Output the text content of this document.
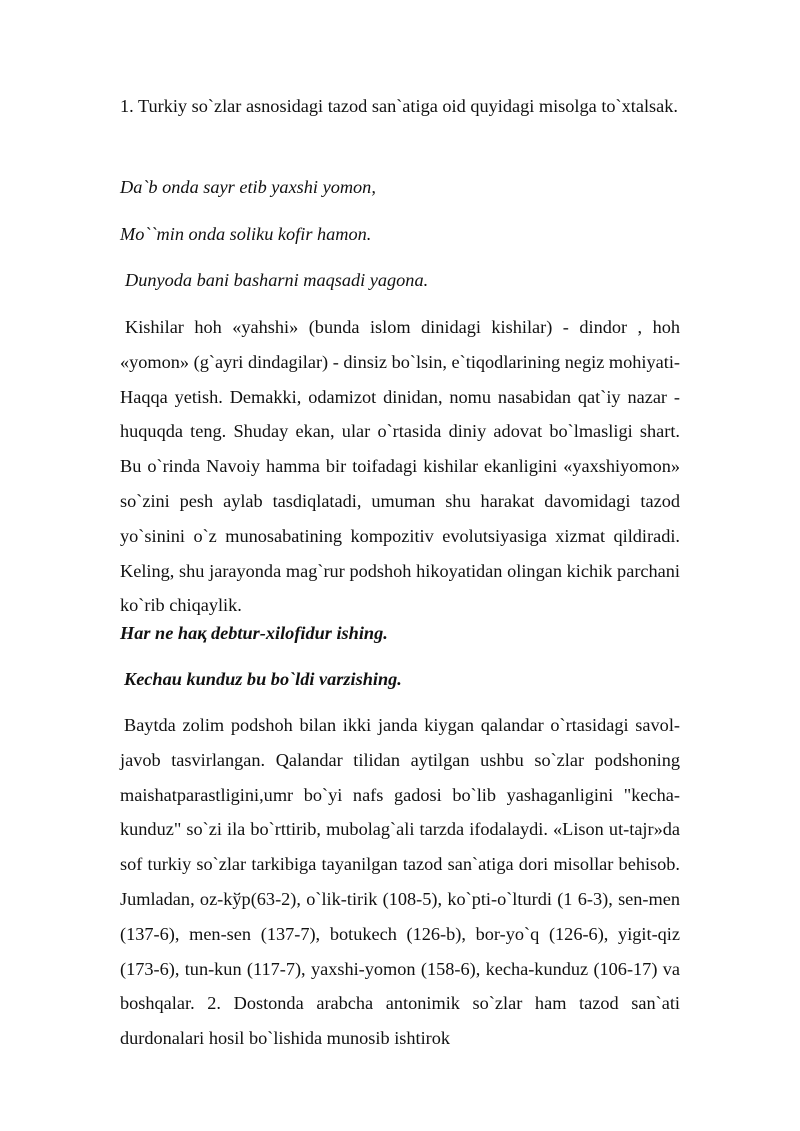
1. Turkiy so`zlar asnosidagi tazod san`atiga oid quyidagi misolga to`xtalsak.

Da`b onda sayr etib yaxshi yomon,

Mo``min onda soliku kofir hamon.

Dunyoda bani basharni maqsadi yagona.

Kishilar hoh «yahshi» (bunda islom dinidagi kishilar) - dindor , hoh «yomon» (g`ayri dindagilar) - dinsiz bo`lsin, e`tiqodlarining negiz mohiyati- Haqqa yetish. Demakki, odamizot dinidan, nomu nasabidan qat`iy nazar - huquqda teng. Shuday ekan, ular o`rtasida diniy adovat bo`lmasligi shart. Bu o`rinda Navoiy hamma bir toifadagi kishilar ekanligini «yaxshiyomon» so`zini pesh aylab tasdiqlatadi, umuman shu harakat davomidagi tazod yo`sinini o`z munosabatining kompozitiv evolutsiyasiga xizmat qildiradi. Keling, shu jarayonda mag`rur podshoh hikoyatidan olingan kichik parchani ko`rib chiqaylik.

Har ne haқ debtur-xilofidur ishing.

Kechau kunduz bu bo`ldi varzishing.

Baytda zolim podshoh bilan ikki janda kiygan qalandar o`rtasidagi savol-javob tasvirlangan. Qalandar tilidan aytilgan ushbu so`zlar podshoning maishatparastligini,umr bo`yi nafs gadosi bo`lib yashaganligini "kecha-kunduz" so`zi ila bo`rttirib, mubolag`ali tarzda ifodalaydi. «Lison ut-tajr»da sof turkiy so`zlar tarkibiga tayanilgan tazod san`atiga dori misollar behisob. Jumladan, oz-kўp(63-2), o`lik-tirik (108-5), ko`pti-o`lturdi (1 6-3), sen-men (137-6), men-sen (137-7), botukech (126-b), bor-yo`q (126-6), yigit-qiz (173-6), tun-kun (117-7), yaxshi-yomon (158-6), kecha-kunduz (106-17) va boshqalar. 2. Dostonda arabcha antonimik so`zlar ham tazod san`ati durdonalari hosil bo`lishida munosib ishtirok
